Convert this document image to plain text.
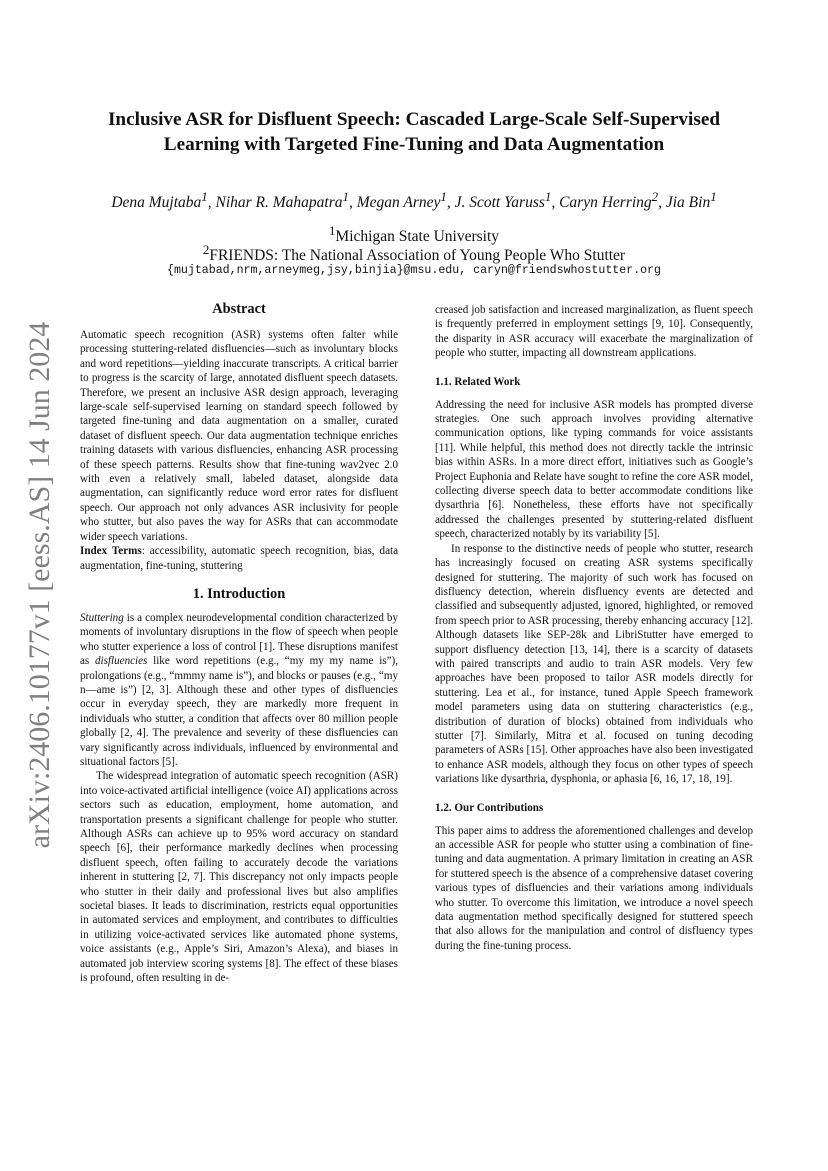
arXiv:2406.10177v1 [eess.AS] 14 Jun 2024
Inclusive ASR for Disfluent Speech: Cascaded Large-Scale Self-Supervised
Learning with Targeted Fine-Tuning and Data Augmentation
Dena Mujtaba$^1$, Nihar R. Mahapatra$^1$, Megan Arney$^1$, J. Scott Yaruss$^1$, Caryn Herring$^2$, Jia Bin$^1$
$^1$Michigan State University
$^2$FRIENDS: The National Association of Young People Who Stutter
{mujtabad,nrm,arneymeg,jsy,binjia}@msu.edu, caryn@friendswhostutter.org
Abstract

Automatic speech recognition (ASR) systems often falter while processing stuttering-related disfluencies—such as involuntary blocks and word repetitions—yielding inaccurate transcripts. A critical barrier to progress is the scarcity of large, annotated disfluent speech datasets. Therefore, we present an inclusive ASR design approach, leveraging large-scale self-supervised learning on standard speech followed by targeted fine-tuning and data augmentation on a smaller, curated dataset of disfluent speech. Our data augmentation technique enriches training datasets with various disfluencies, enhancing ASR processing of these speech patterns. Results show that fine-tuning wav2vec 2.0 with even a relatively small, labeled dataset, alongside data augmentation, can significantly reduce word error rates for disfluent speech. Our approach not only advances ASR inclusivity for people who stutter, but also paves the way for ASRs that can accommodate wider speech variations.

Index Terms: accessibility, automatic speech recognition, bias, data augmentation, fine-tuning, stuttering

1. Introduction

Stuttering is a complex neurodevelopmental condition characterized by moments of involuntary disruptions in the flow of speech when people who stutter experience a loss of control [1]. These disruptions manifest as disfluencies like word repetitions (e.g., “my my my name is”), prolongations (e.g., “mmmy name is”), and blocks or pauses (e.g., “my n—ame is”) [2, 3]. Although these and other types of disfluencies occur in everyday speech, they are markedly more frequent in individuals who stutter, a condition that affects over 80 million people globally [2, 4]. The prevalence and severity of these disfluencies can vary significantly across individuals, influenced by environmental and situational factors [5].

The widespread integration of automatic speech recognition (ASR) into voice-activated artificial intelligence (voice AI) applications across sectors such as education, employment, home automation, and transportation presents a significant challenge for people who stutter. Although ASRs can achieve up to 95% word accuracy on standard speech [6], their performance markedly declines when processing disfluent speech, often failing to accurately decode the variations inherent in stuttering [2, 7]. This discrepancy not only impacts people who stutter in their daily and professional lives but also amplifies societal biases. It leads to discrimination, restricts equal opportunities in automated services and employment, and contributes to difficulties in utilizing voice-activated services like automated phone systems, voice assistants (e.g., Apple’s Siri, Amazon’s Alexa), and biases in automated job interview scoring systems [8]. The effect of these biases is profound, often resulting in de-

creased job satisfaction and increased marginalization, as fluent speech is frequently preferred in employment settings [9, 10]. Consequently, the disparity in ASR accuracy will exacerbate the marginalization of people who stutter, impacting all downstream applications.

1.1. Related Work

Addressing the need for inclusive ASR models has prompted diverse strategies. One such approach involves providing alternative communication options, like typing commands for voice assistants [11]. While helpful, this method does not directly tackle the intrinsic bias within ASRs. In a more direct effort, initiatives such as Google’s Project Euphonia and Relate have sought to refine the core ASR model, collecting diverse speech data to better accommodate conditions like dysarthria [6]. Nonetheless, these efforts have not specifically addressed the challenges presented by stuttering-related disfluent speech, characterized notably by its variability [5].

In response to the distinctive needs of people who stutter, research has increasingly focused on creating ASR systems specifically designed for stuttering. The majority of such work has focused on disfluency detection, wherein disfluency events are detected and classified and subsequently adjusted, ignored, highlighted, or removed from speech prior to ASR processing, thereby enhancing accuracy [12]. Although datasets like SEP-28k and LibriStutter have emerged to support disfluency detection [13, 14], there is a scarcity of datasets with paired transcripts and audio to train ASR models. Very few approaches have been proposed to tailor ASR models directly for stuttering. Lea et al., for instance, tuned Apple Speech framework model parameters using data on stuttering characteristics (e.g., distribution of duration of blocks) obtained from individuals who stutter [7]. Similarly, Mitra et al. focused on tuning decoding parameters of ASRs [15]. Other approaches have also been investigated to enhance ASR models, although they focus on other types of speech variations like dysarthria, dysphonia, or aphasia [6, 16, 17, 18, 19].

1.2. Our Contributions

This paper aims to address the aforementioned challenges and develop an accessible ASR for people who stutter using a combination of fine-tuning and data augmentation. A primary limitation in creating an ASR for stuttered speech is the absence of a comprehensive dataset covering various types of disfluencies and their variations among individuals who stutter. To overcome this limitation, we introduce a novel speech data augmentation method specifically designed for stuttered speech that also allows for the manipulation and control of disfluency types during the fine-tuning process.
